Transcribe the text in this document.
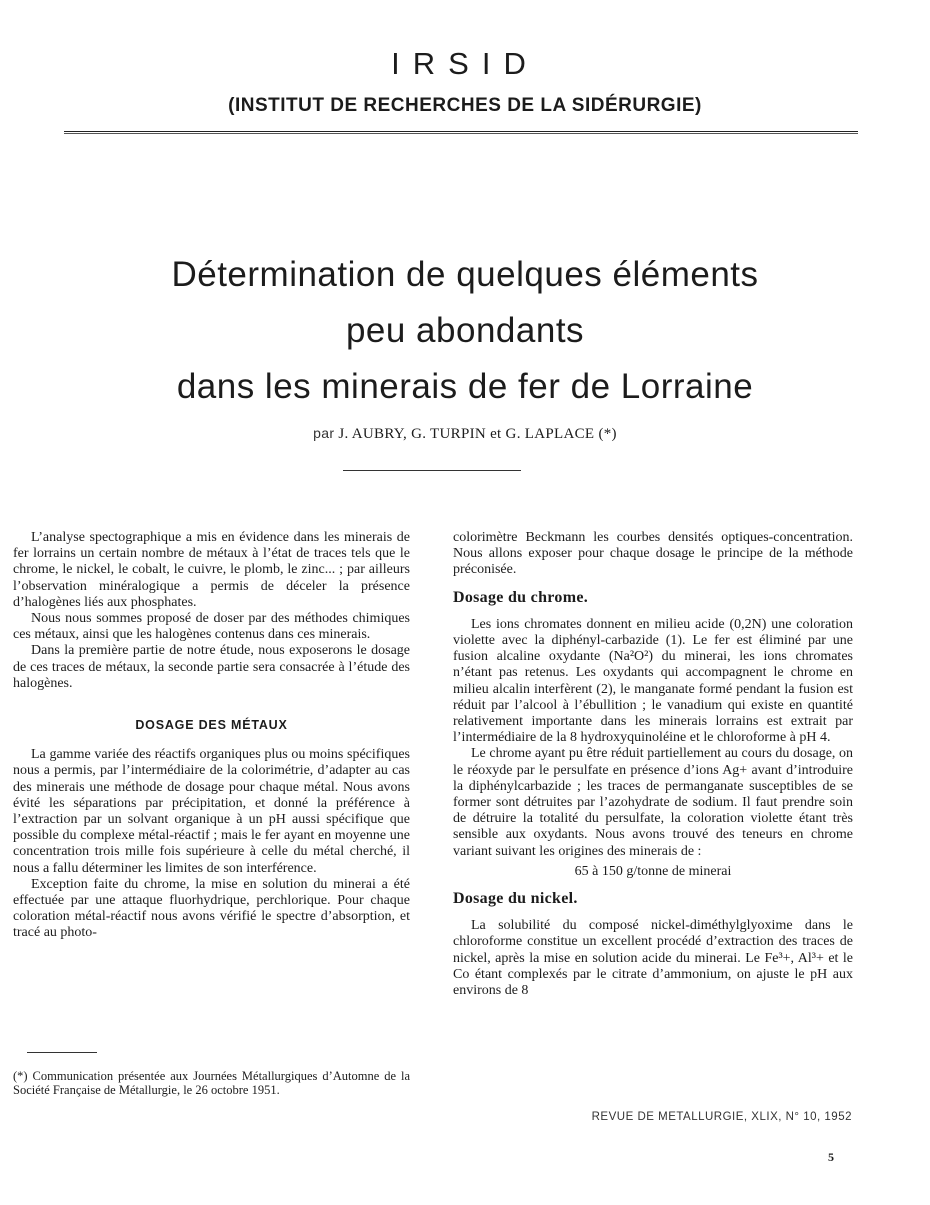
IRSID
(INSTITUT DE RECHERCHES DE LA SIDÉRURGIE)
Détermination de quelques éléments
peu abondants
dans les minerais de fer de Lorraine
par J. AUBRY, G. TURPIN et G. LAPLACE (*)

L’analyse spectographique a mis en évidence dans les minerais de fer lorrains un certain nombre de métaux à l’état de traces tels que le chrome, le nickel, le cobalt, le cuivre, le plomb, le zinc... ; par ailleurs l’observation minéralogique a permis de déceler la présence d’halogènes liés aux phosphates.

Nous nous sommes proposé de doser par des méthodes chimiques ces métaux, ainsi que les halogènes contenus dans ces minerais.

Dans la première partie de notre étude, nous exposerons le dosage de ces traces de métaux, la seconde partie sera consacrée à l’étude des halogènes.

DOSAGE DES MÉTAUX

La gamme variée des réactifs organiques plus ou moins spécifiques nous a permis, par l’intermédiaire de la colorimétrie, d’adapter au cas des minerais une méthode de dosage pour chaque métal. Nous avons évité les séparations par précipitation, et donné la préférence à l’extraction par un solvant organique à un pH aussi spécifique que possible du complexe métal-réactif ; mais le fer ayant en moyenne une concentration trois mille fois supérieure à celle du métal cherché, il nous a fallu déterminer les limites de son interférence.

Exception faite du chrome, la mise en solution du minerai a été effectuée par une attaque fluorhydrique, perchlorique. Pour chaque coloration métal-réactif nous avons vérifié le spectre d’absorption, et tracé au photo-

(*) Communication présentée aux Journées Métallurgiques d’Automne de la Société Française de Métallurgie, le 26 octobre 1951.

colorimètre Beckmann les courbes densités optiques-concentration. Nous allons exposer pour chaque dosage le principe de la méthode préconisée.

Dosage du chrome.

Les ions chromates donnent en milieu acide (0,2N) une coloration violette avec la diphényl-carbazide (1). Le fer est éliminé par une fusion alcaline oxydante (Na²O²) du minerai, les ions chromates n’étant pas retenus. Les oxydants qui accompagnent le chrome en milieu alcalin interfèrent (2), le manganate formé pendant la fusion est réduit par l’alcool à l’ébullition ; le vanadium qui existe en quantité relativement importante dans les minerais lorrains est extrait par l’intermédiaire de la 8 hydroxyquinoléine et le chloroforme à pH 4.

Le chrome ayant pu être réduit partiellement au cours du dosage, on le réoxyde par le persulfate en présence d’ions Ag+ avant d’introduire la diphénylcarbazide ; les traces de permanganate susceptibles de se former sont détruites par l’azohydrate de sodium. Il faut prendre soin de détruire la totalité du persulfate, la coloration violette étant très sensible aux oxydants. Nous avons trouvé des teneurs en chrome variant suivant les origines des minerais de :

65 à 150 g/tonne de minerai

Dosage du nickel.

La solubilité du composé nickel-diméthylglyoxime dans le chloroforme constitue un excellent procédé d’extraction des traces de nickel, après la mise en solution acide du minerai. Le Fe³+, Al³+ et le Co étant complexés par le citrate d’ammonium, on ajuste le pH aux environs de 8

REVUE DE METALLURGIE, XLIX, N° 10, 1952
5
